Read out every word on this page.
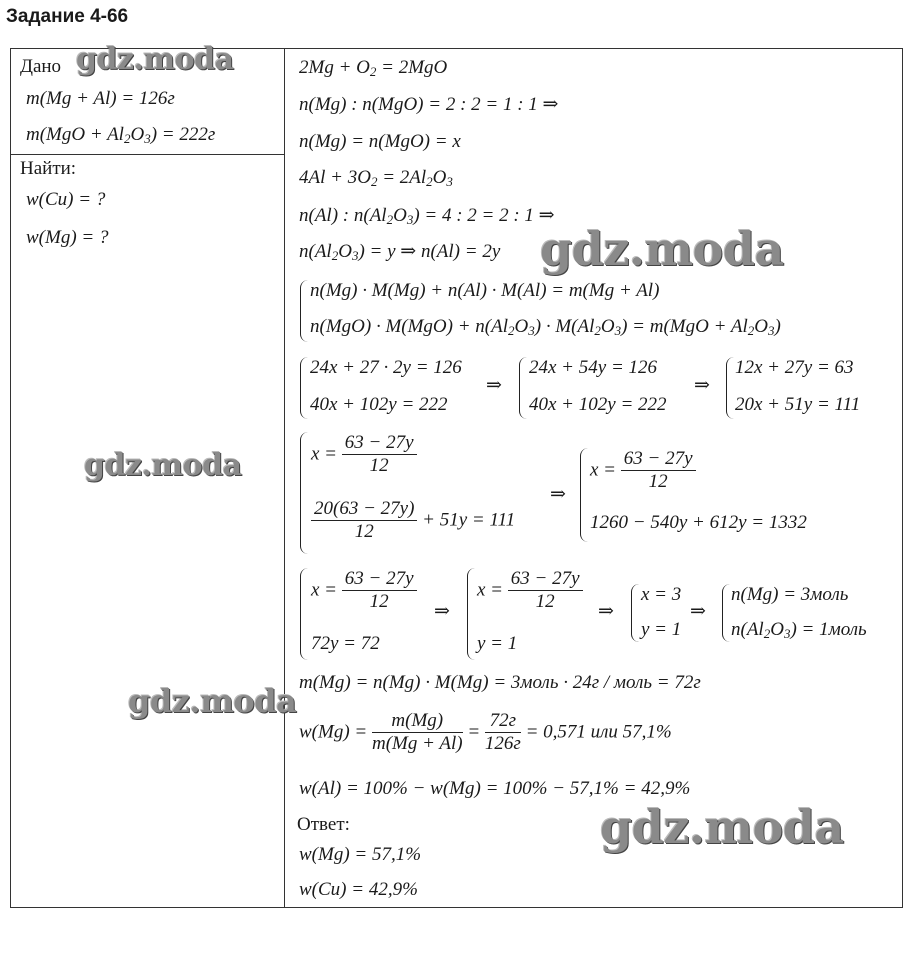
Задание 4-66
Дано
m(Mg + Al) = 126г
$m(MgO + Al_2O_3) = 222г$
Найти:
w(Cu) = ?
w(Mg) = ?
$2Mg + O_2 = 2MgO$
n(Mg) : n(MgO) = 2 : 2 = 1 : 1 ⇒
n(Mg) = n(MgO) = x
$4Al + 3O_2 = 2Al_2O_3$
n(Al) : $n(Al_2O_3) = 4$ : 2 = 2 : 1 ⇒
$n(Al_2O_3) = y$ ⇒ n(Al) = 2y
n(Mg) · M(Mg) + n(Al) · M(Al) = m(Mg + Al)
$n(MgO) \cdot M(MgO) + n(Al_2O_3) \cdot M(Al_2O_3) = m(MgO + Al_2O_3)$
24x + 27 · 2y = 126
40x + 102y = 222
⇒
24x + 54y = 126
40x + 102y = 222
⇒
12x + 27y = 63
20x + 51y = 111
$x = \frac{63 - 27y}{12}$
$\frac{20(63 - 27y)}{12} + 51y = 111$
⇒
$x = \frac{63 - 27y}{12}$
1260 − 540y + 612y = 1332
$x = \frac{63 - 27y}{12}$
72y = 72
⇒
$x = \frac{63 - 27y}{12}$
y = 1
⇒
x = 3
y = 1
⇒
n(Mg) = 3моль
$n(Al_2O_3)$ = 1моль
m(Mg) = n(Mg) · M(Mg) = 3моль · 24г / моль = 72г
$w(Mg) = \frac{m(Mg)}{m(Mg + Al)} = \frac{72г}{126г} = 0,571$ или 57,1%
w(Al) = 100% − w(Mg) = 100% − 57,1% = 42,9%
Ответ:
w(Mg) = 57,1%
w(Cu) = 42,9%
gdz.moda
gdz.moda
gdz.moda
gdz.moda
gdz.moda
